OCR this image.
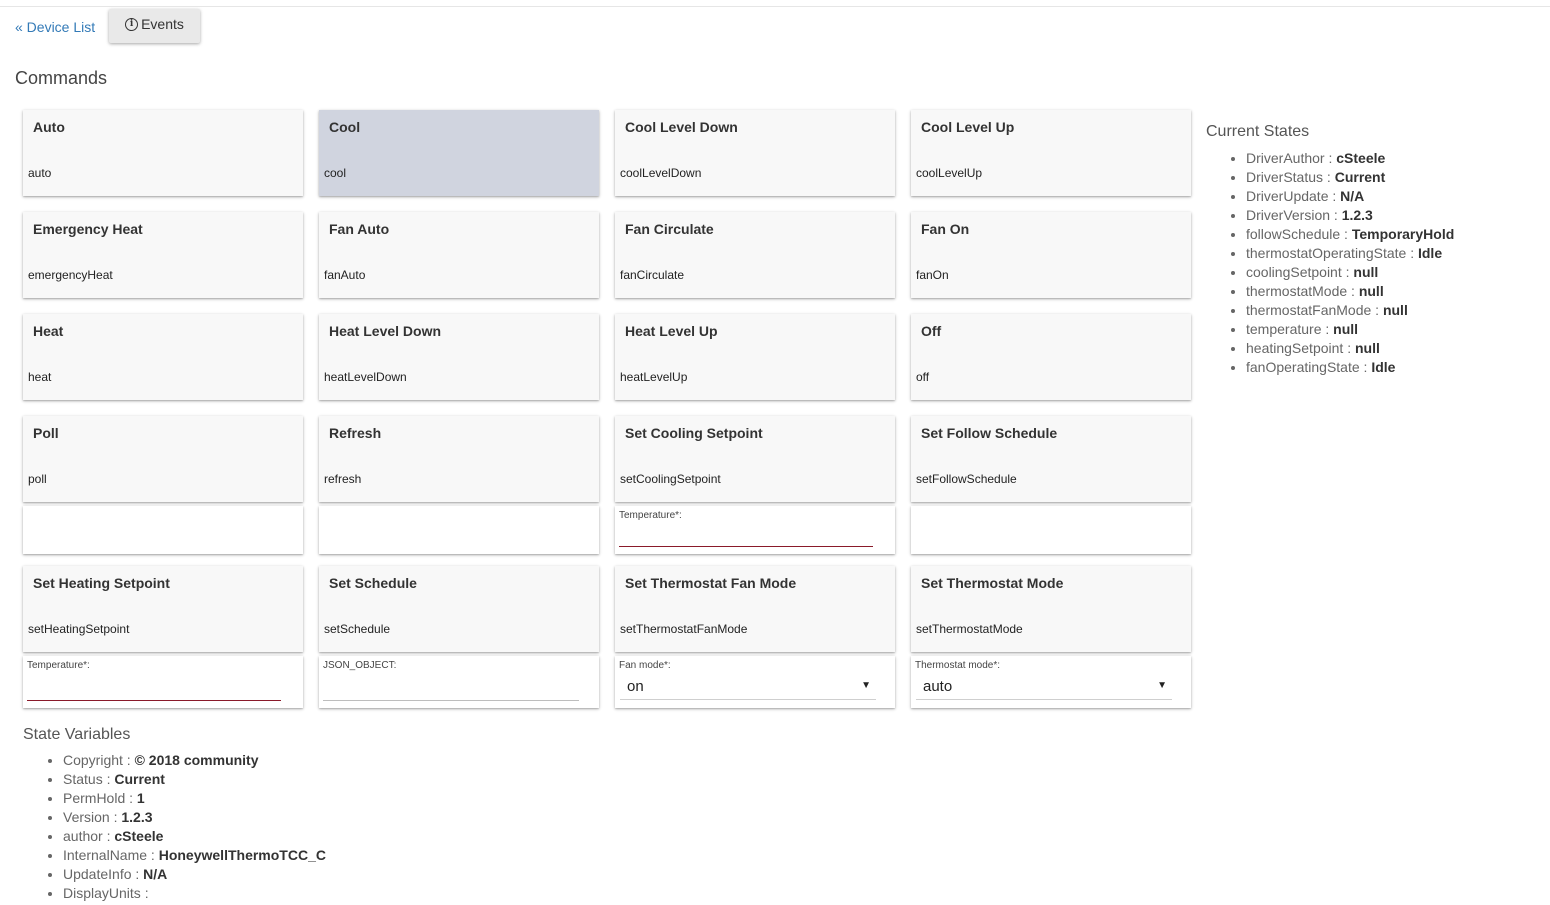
« Device List	i Events
Commands
Auto
auto
Cool
cool
Cool Level Down
coolLevelDown
Cool Level Up
coolLevelUp
Emergency Heat
emergencyHeat
Fan Auto
fanAuto
Fan Circulate
fanCirculate
Fan On
fanOn
Heat
heat
Heat Level Down
heatLevelDown
Heat Level Up
heatLevelUp
Off
off
Poll
poll
Refresh
refresh
Set Cooling Setpoint
setCoolingSetpoint
Temperature*:
Set Follow Schedule
setFollowSchedule
Set Heating Setpoint
setHeatingSetpoint
Temperature*:
Set Schedule
setSchedule
JSON_OBJECT:
Set Thermostat Fan Mode
setThermostatFanMode
Fan mode*:
on	▼
Set Thermostat Mode
setThermostatMode
Thermostat mode*:
auto	▼
Current States
• DriverAuthor : cSteele
• DriverStatus : Current
• DriverUpdate : N/A
• DriverVersion : 1.2.3
• followSchedule : TemporaryHold
• thermostatOperatingState : Idle
• coolingSetpoint : null
• thermostatMode : null
• thermostatFanMode : null
• temperature : null
• heatingSetpoint : null
• fanOperatingState : Idle
State Variables
• Copyright : © 2018 community
• Status : Current
• PermHold : 1
• Version : 1.2.3
• author : cSteele
• InternalName : HoneywellThermoTCC_C
• UpdateInfo : N/A
• DisplayUnits :
